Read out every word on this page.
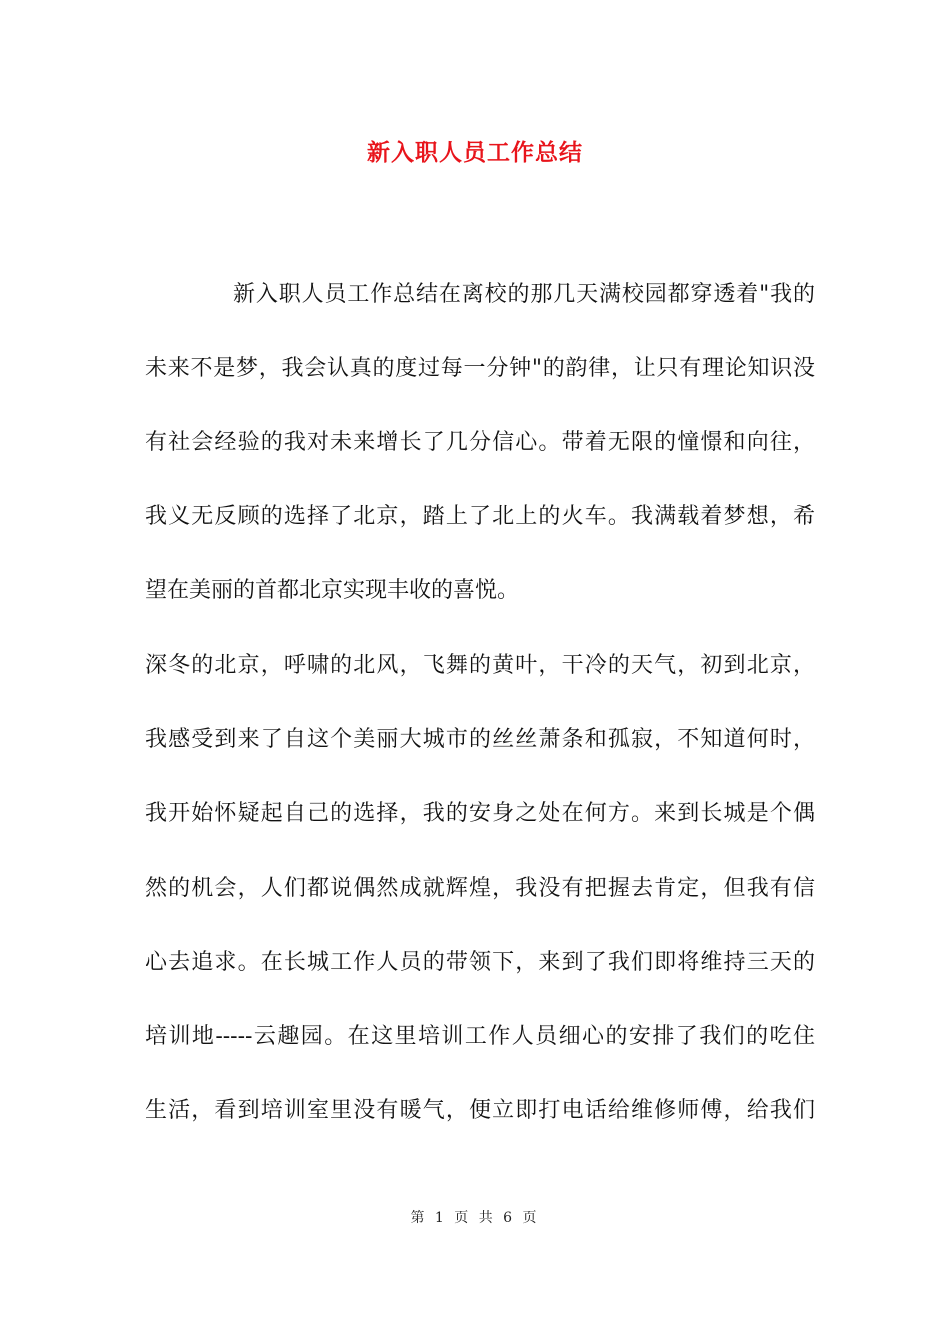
新入职人员工作总结
新入职人员工作总结在离校的那几天满校园都穿透着"我的
未来不是梦，我会认真的度过每一分钟"的韵律，让只有理论知识没
有社会经验的我对未来增长了几分信心。带着无限的憧憬和向往，
我义无反顾的选择了北京，踏上了北上的火车。我满载着梦想，希
望在美丽的首都北京实现丰收的喜悦。
深冬的北京，呼啸的北风，飞舞的黄叶，干冷的天气，初到北京，
我感受到来了自这个美丽大城市的丝丝萧条和孤寂，不知道何时，
我开始怀疑起自己的选择，我的安身之处在何方。来到长城是个偶
然的机会，人们都说偶然成就辉煌，我没有把握去肯定，但我有信
心去追求。在长城工作人员的带领下，来到了我们即将维持三天的
培训地-----云趣园。在这里培训工作人员细心的安排了我们的吃住
生活，看到培训室里没有暖气，便立即打电话给维修师傅，给我们
第 1 页 共 6 页
